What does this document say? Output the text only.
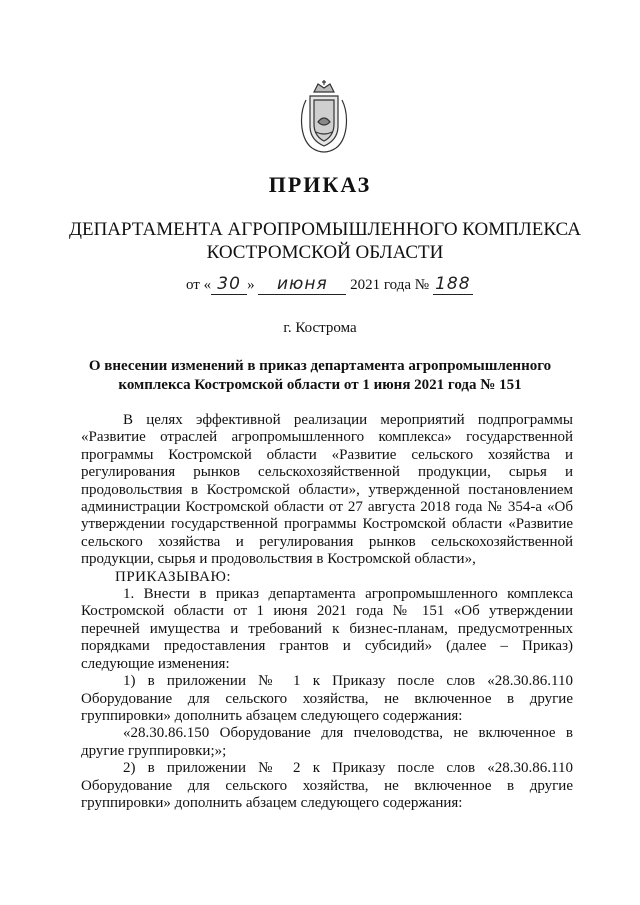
ПРИКАЗ
ДЕПАРТАМЕНТА АГРОПРОМЫШЛЕННОГО КОМПЛЕКСА
КОСТРОМСКОЙ ОБЛАСТИ
от « 30 » июня 2021 года № 188
г. Кострома
О внесении изменений в приказ департамента агропромышленного
комплекса Костромской области от 1 июня 2021 года № 151

В целях эффективной реализации мероприятий подпрограммы «Развитие отраслей агропромышленного комплекса» государственной программы Костромской области «Развитие сельского хозяйства и регулирования рынков сельскохозяйственной продукции, сырья и продовольствия в Костромской области», утвержденной постановлением администрации Костромской области от 27 августа 2018 года № 354-а «Об утверждении государственной программы Костромской области «Развитие сельского хозяйства и регулирования рынков сельскохозяйственной продукции, сырья и продовольствия в Костромской области»,

ПРИКАЗЫВАЮ:

1. Внести в приказ департамента агропромышленного комплекса Костромской области от 1 июня 2021 года № 151 «Об утверждении перечней имущества и требований к бизнес-планам, предусмотренных порядками предоставления грантов и субсидий» (далее – Приказ) следующие изменения:

1) в приложении № 1 к Приказу после слов «28.30.86.110 Оборудование для сельского хозяйства, не включенное в другие группировки» дополнить абзацем следующего содержания:

«28.30.86.150 Оборудование для пчеловодства, не включенное в другие группировки;»;

2) в приложении № 2 к Приказу после слов «28.30.86.110 Оборудование для сельского хозяйства, не включенное в другие группировки» дополнить абзацем следующего содержания:
